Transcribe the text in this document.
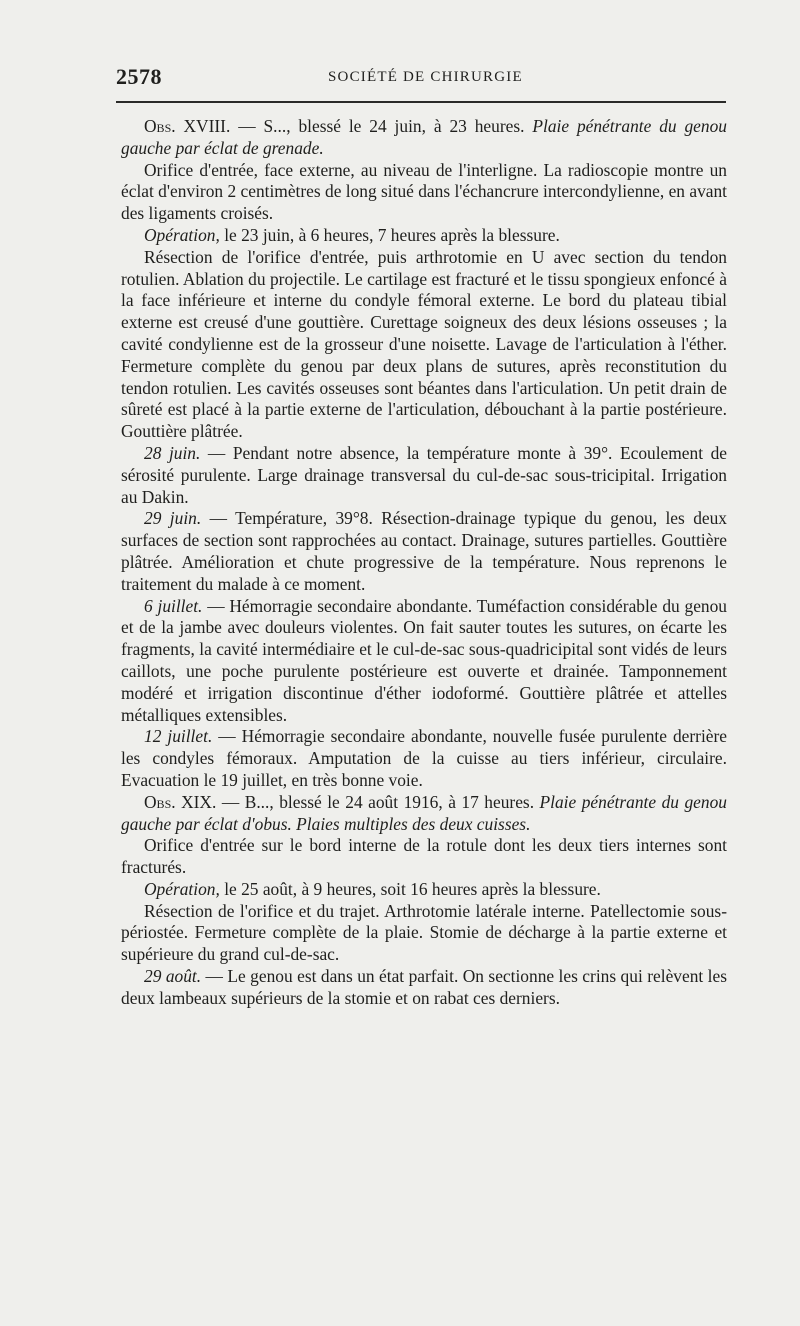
2578	SOCIÉTÉ DE CHIRURGIE

Obs. XVIII. — S..., blessé le 24 juin, à 23 heures. Plaie pénétrante du genou gauche par éclat de grenade.

Orifice d'entrée, face externe, au niveau de l'interligne. La radioscopie montre un éclat d'environ 2 centimètres de long situé dans l'échancrure intercondylienne, en avant des ligaments croisés.

Opération, le 23 juin, à 6 heures, 7 heures après la blessure.

Résection de l'orifice d'entrée, puis arthrotomie en U avec section du tendon rotulien. Ablation du projectile. Le cartilage est fracturé et le tissu spongieux enfoncé à la face inférieure et interne du condyle fémoral externe. Le bord du plateau tibial externe est creusé d'une gouttière. Curettage soigneux des deux lésions osseuses ; la cavité condylienne est de la grosseur d'une noisette. Lavage de l'articulation à l'éther. Fermeture complète du genou par deux plans de sutures, après reconstitution du tendon rotulien. Les cavités osseuses sont béantes dans l'articulation. Un petit drain de sûreté est placé à la partie externe de l'articulation, débouchant à la partie postérieure. Gouttière plâtrée.

28 juin. — Pendant notre absence, la température monte à 39°. Ecoulement de sérosité purulente. Large drainage transversal du cul-de-sac sous-tricipital. Irrigation au Dakin.

29 juin. — Température, 39°8. Résection-drainage typique du genou, les deux surfaces de section sont rapprochées au contact. Drainage, sutures partielles. Gouttière plâtrée. Amélioration et chute progressive de la température. Nous reprenons le traitement du malade à ce moment.

6 juillet. — Hémorragie secondaire abondante. Tuméfaction considérable du genou et de la jambe avec douleurs violentes. On fait sauter toutes les sutures, on écarte les fragments, la cavité intermédiaire et le cul-de-sac sous-quadricipital sont vidés de leurs caillots, une poche purulente postérieure est ouverte et drainée. Tamponnement modéré et irrigation discontinue d'éther iodoformé. Gouttière plâtrée et attelles métalliques extensibles.

12 juillet. — Hémorragie secondaire abondante, nouvelle fusée purulente derrière les condyles fémoraux. Amputation de la cuisse au tiers inférieur, circulaire. Evacuation le 19 juillet, en très bonne voie.

Obs. XIX. — B..., blessé le 24 août 1916, à 17 heures. Plaie pénétrante du genou gauche par éclat d'obus. Plaies multiples des deux cuisses.

Orifice d'entrée sur le bord interne de la rotule dont les deux tiers internes sont fracturés.

Opération, le 25 août, à 9 heures, soit 16 heures après la blessure.

Résection de l'orifice et du trajet. Arthrotomie latérale interne. Patellectomie sous-périostée. Fermeture complète de la plaie. Stomie de décharge à la partie externe et supérieure du grand cul-de-sac.

29 août. — Le genou est dans un état parfait. On sectionne les crins qui relèvent les deux lambeaux supérieurs de la stomie et on rabat ces derniers.
